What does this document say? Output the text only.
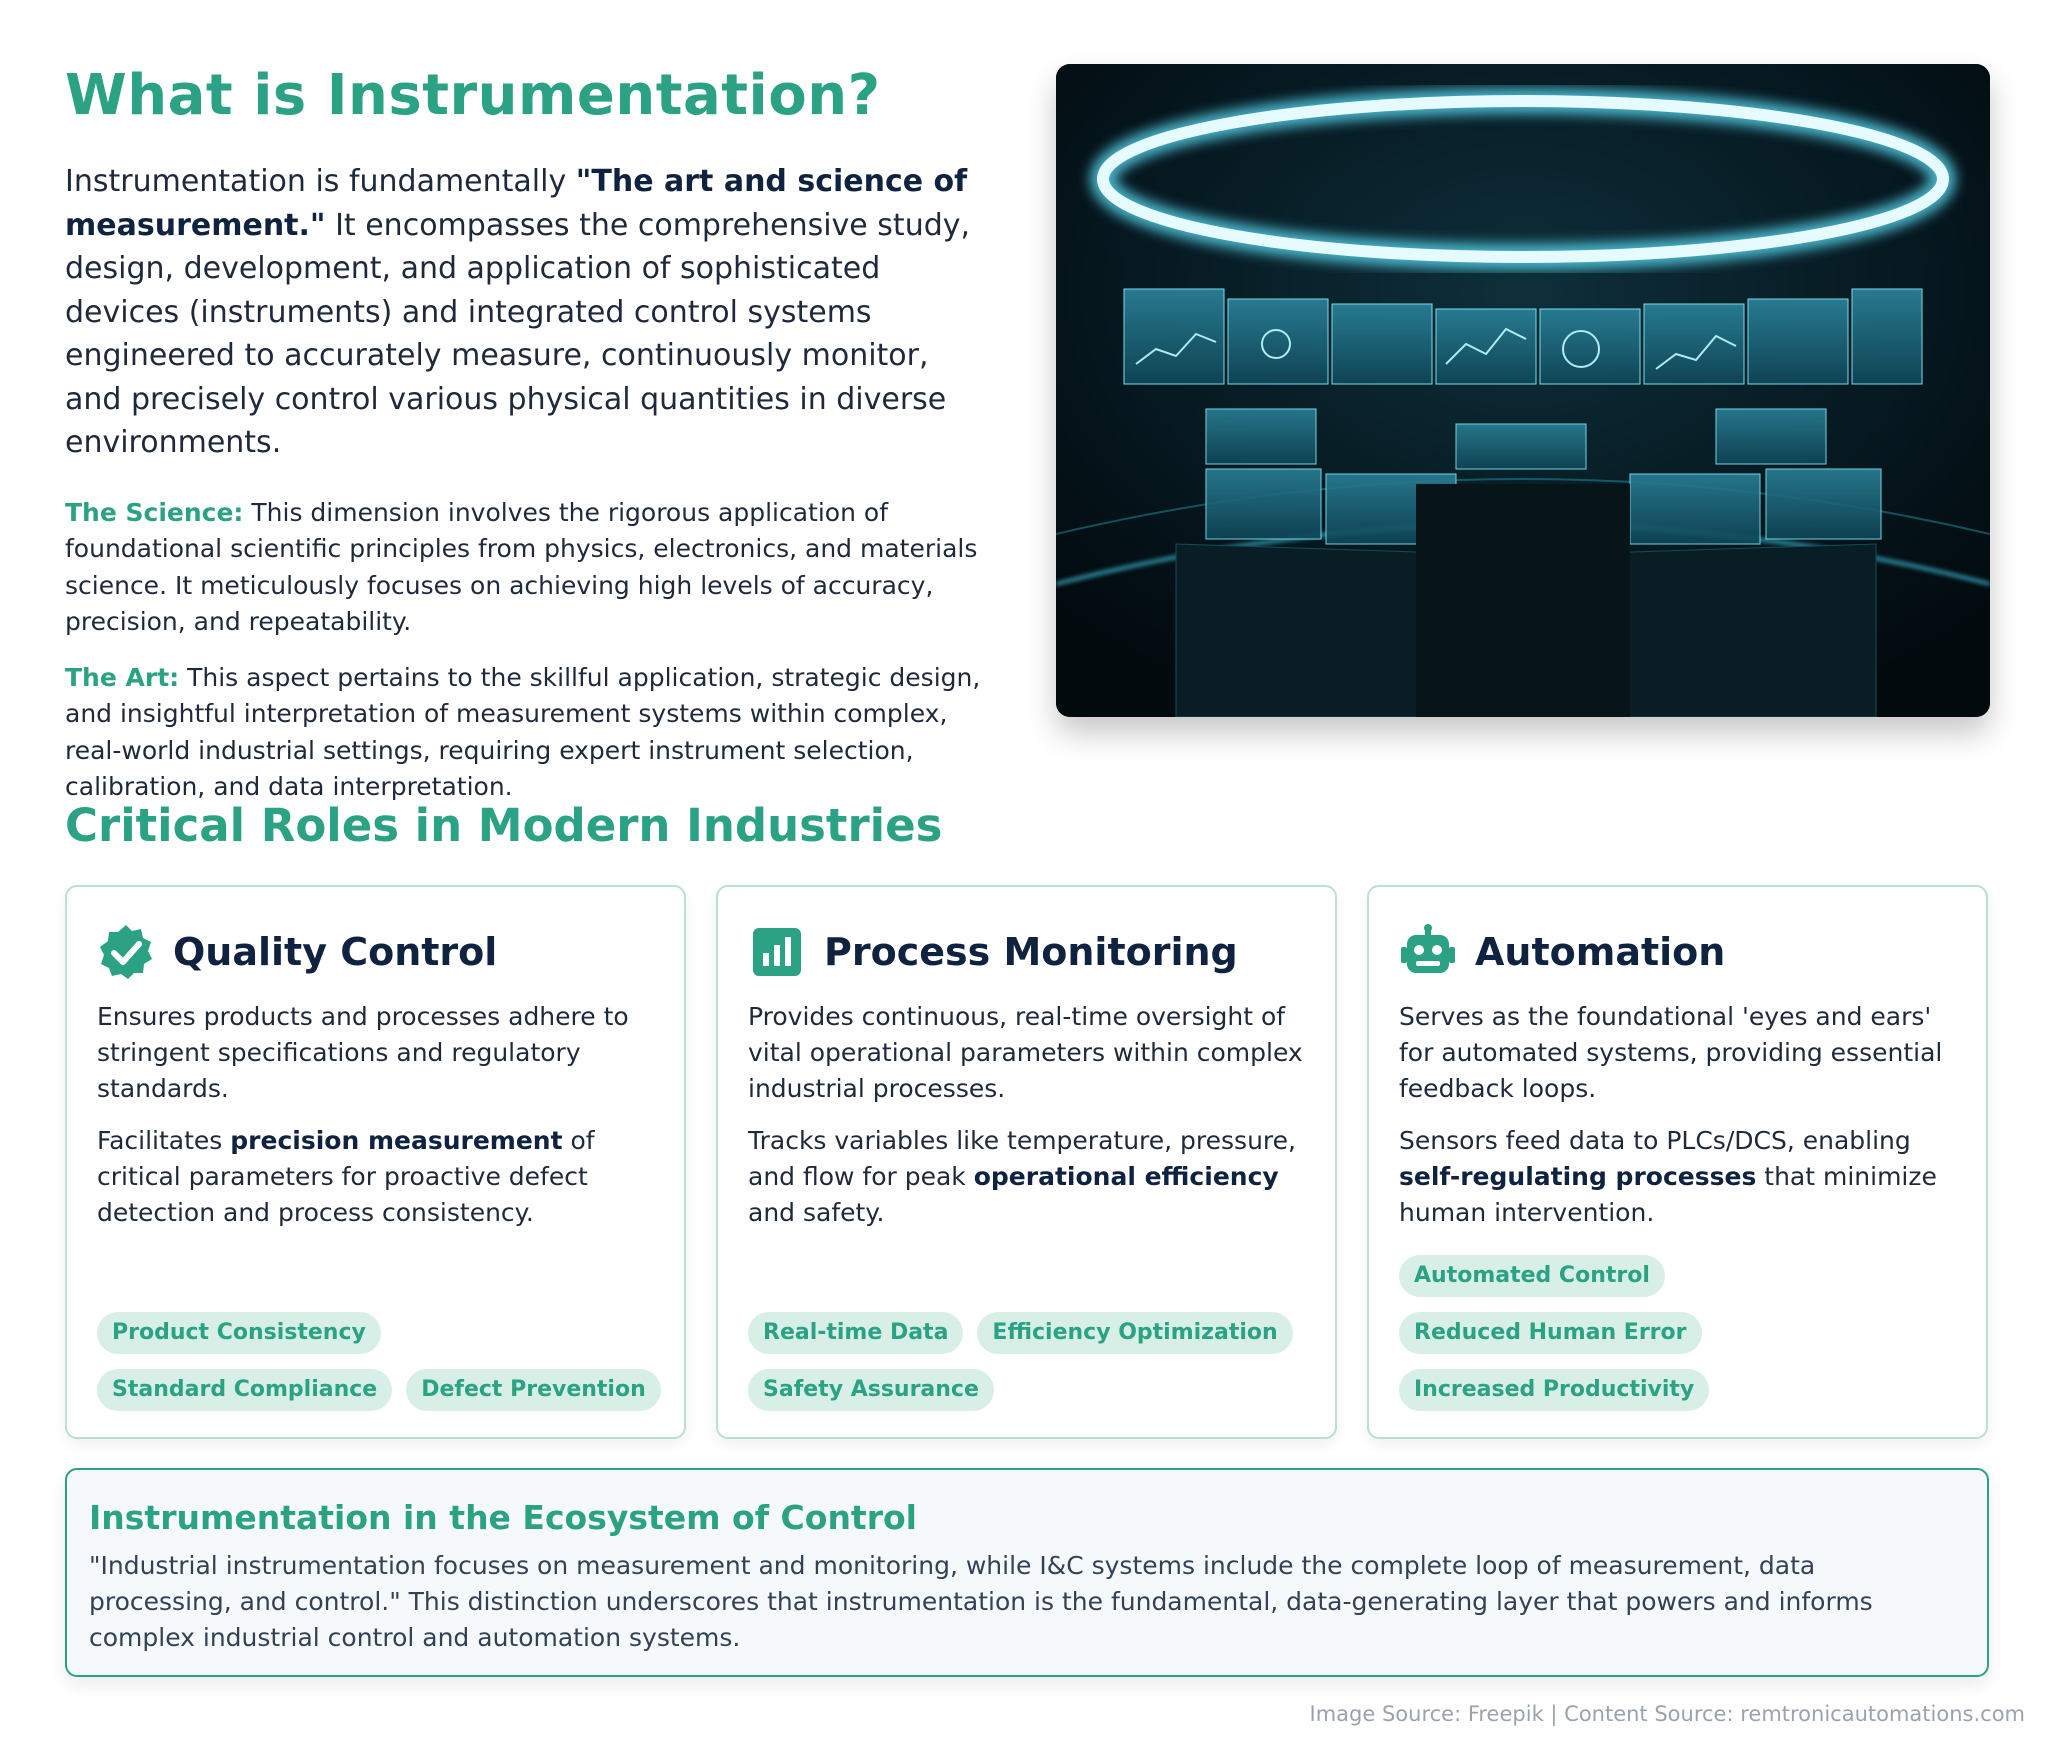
What is Instrumentation?

Instrumentation is fundamentally "The art and science of measurement." It encompasses the comprehensive study, design, development, and application of sophisticated devices (instruments) and integrated control systems engineered to accurately measure, continuously monitor, and precisely control various physical quantities in diverse environments.

The Science: This dimension involves the rigorous application of foundational scientific principles from physics, electronics, and materials science. It meticulously focuses on achieving high levels of accuracy, precision, and repeatability.

The Art: This aspect pertains to the skillful application, strategic design, and insightful interpretation of measurement systems within complex, real-world industrial settings, requiring expert instrument selection, calibration, and data interpretation.

Critical Roles in Modern Industries
Quality Control

Ensures products and processes adhere to stringent specifications and regulatory standards.

Facilitates precision measurement of critical parameters for proactive defect detection and process consistency.

Product Consistency
Standard Compliance	Defect Prevention
Process Monitoring

Provides continuous, real-time oversight of vital operational parameters within complex industrial processes.

Tracks variables like temperature, pressure, and flow for peak operational efficiency and safety.

Real-time Data	Efficiency Optimization
Safety Assurance
Automation

Serves as the foundational 'eyes and ears' for automated systems, providing essential feedback loops.

Sensors feed data to PLCs/DCS, enabling self-regulating processes that minimize human intervention.

Automated Control
Reduced Human Error
Increased Productivity
Instrumentation in the Ecosystem of Control
"Industrial instrumentation focuses on measurement and monitoring, while I&C systems include the complete loop of measurement, data processing, and control." This distinction underscores that instrumentation is the fundamental, data-generating layer that powers and informs complex industrial control and automation systems.
Image Source: Freepik | Content Source: remtronicautomations.com
